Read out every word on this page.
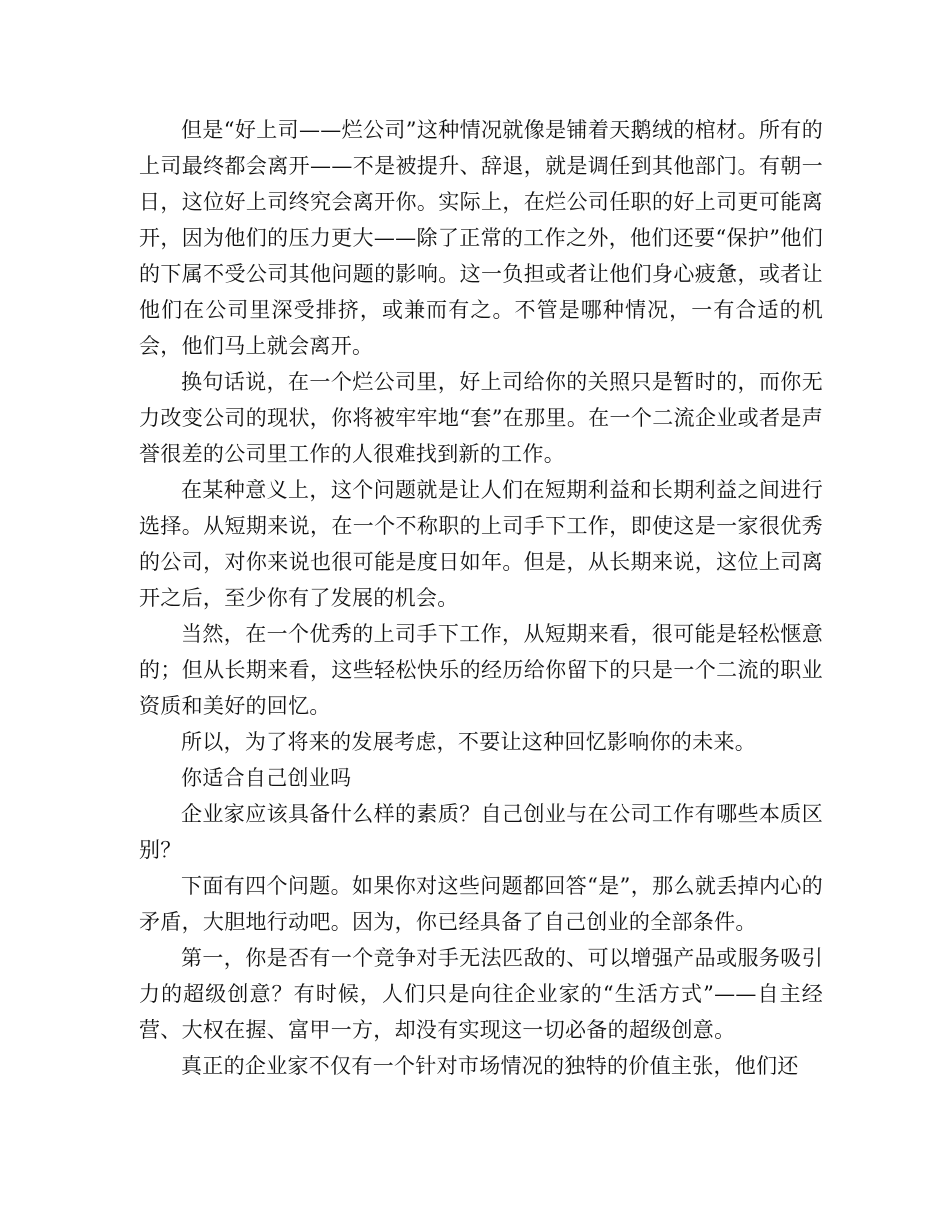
但是“好上司——烂公司”这种情况就像是铺着天鹅绒的棺材。所有的上司最终都会离开——不是被提升、辞退，就是调任到其他部门。有朝一日，这位好上司终究会离开你。实际上，在烂公司任职的好上司更可能离开，因为他们的压力更大——除了正常的工作之外，他们还要“保护”他们的下属不受公司其他问题的影响。这一负担或者让他们身心疲惫，或者让他们在公司里深受排挤，或兼而有之。不管是哪种情况，一有合适的机会，他们马上就会离开。

换句话说，在一个烂公司里，好上司给你的关照只是暂时的，而你无力改变公司的现状，你将被牢牢地“套”在那里。在一个二流企业或者是声誉很差的公司里工作的人很难找到新的工作。

在某种意义上，这个问题就是让人们在短期利益和长期利益之间进行选择。从短期来说，在一个不称职的上司手下工作，即使这是一家很优秀的公司，对你来说也很可能是度日如年。但是，从长期来说，这位上司离开之后，至少你有了发展的机会。

当然，在一个优秀的上司手下工作，从短期来看，很可能是轻松惬意的；但从长期来看，这些轻松快乐的经历给你留下的只是一个二流的职业资质和美好的回忆。

所以，为了将来的发展考虑，不要让这种回忆影响你的未来。

你适合自己创业吗

企业家应该具备什么样的素质？自己创业与在公司工作有哪些本质区别？

下面有四个问题。如果你对这些问题都回答“是”，那么就丢掉内心的矛盾，大胆地行动吧。因为，你已经具备了自己创业的全部条件。

第一，你是否有一个竞争对手无法匹敌的、可以增强产品或服务吸引力的超级创意？有时候，人们只是向往企业家的“生活方式”——自主经营、大权在握、富甲一方，却没有实现这一切必备的超级创意。

真正的企业家不仅有一个针对市场情况的独特的价值主张，他们还
